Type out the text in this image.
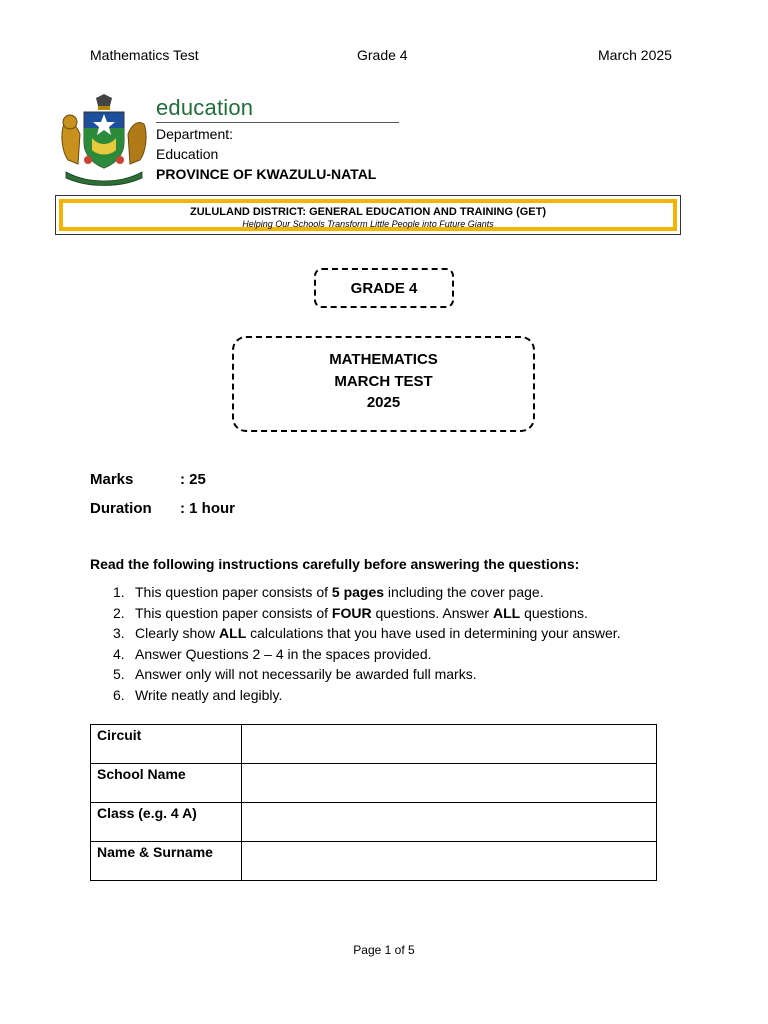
Mathematics Test	Grade 4	March 2025
education
Department:
Education
PROVINCE OF KWAZULU-NATAL
ZULULAND DISTRICT: GENERAL EDUCATION AND TRAINING (GET)
Helping Our Schools Transform Little People into Future Giants
GRADE 4
MATHEMATICS
MARCH TEST
2025
Marks	: 25
Duration : 1 hour
Read the following instructions carefully before answering the questions:
1. This question paper consists of 5 pages including the cover page.
2. This question paper consists of FOUR questions. Answer ALL questions.
3. Clearly show ALL calculations that you have used in determining your answer.
4. Answer Questions 2 – 4 in the spaces provided.
5. Answer only will not necessarily be awarded full marks.
6. Write neatly and legibly.
Circuit	
School Name	
Class (e.g. 4 A)	
Name & Surname	
Page 1 of 5
